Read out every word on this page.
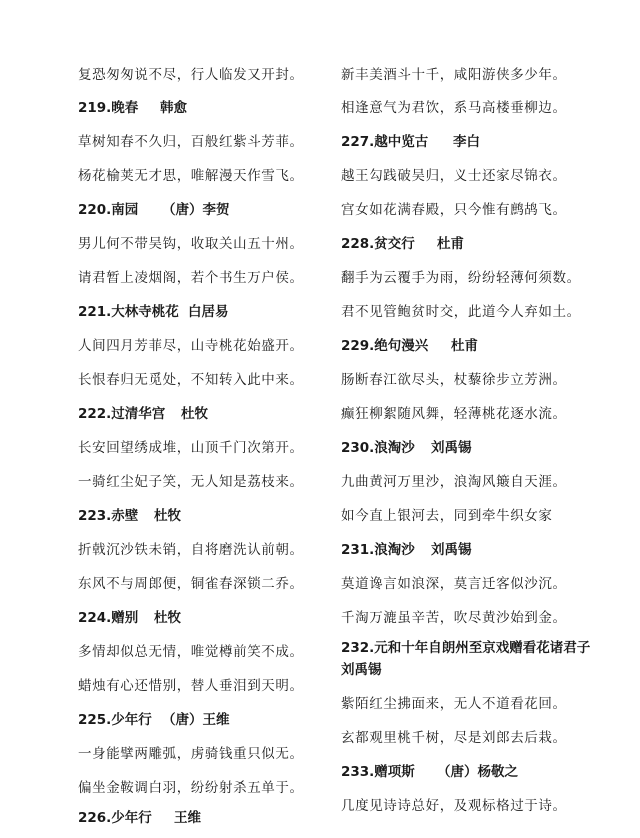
复恐匆匆说不尽，行人临发又开封。
219.晚春 韩愈
草树知春不久归，百般红紫斗芳菲。
杨花榆荚无才思，唯解漫天作雪飞。
220.南园 （唐）李贺
男儿何不带吴钩，收取关山五十州。
请君暂上凌烟阁，若个书生万户侯。
221.大林寺桃花 白居易
人间四月芳菲尽，山寺桃花始盛开。
长恨春归无觅处，不知转入此中来。
222.过清华宫 杜牧
长安回望绣成堆，山顶千门次第开。
一骑红尘妃子笑，无人知是荔枝来。
223.赤壁 杜牧
折戟沉沙铁未销，自将磨洗认前朝。
东风不与周郎便，铜雀春深锁二乔。
224.赠别 杜牧
多情却似总无情，唯觉樽前笑不成。
蜡烛有心还惜别，替人垂泪到天明。
225.少年行 （唐）王维
一身能擘两雕弧，虏骑钱重只似无。
偏坐金鞍调白羽，纷纷射杀五单于。
226.少年行 王维
新丰美酒斗十千，咸阳游侠多少年。
相逢意气为君饮，系马高楼垂柳边。
227.越中览古 李白
越王勾践破吴归，义士还家尽锦衣。
宫女如花满春殿，只今惟有鹧鸪飞。
228.贫交行 杜甫
翻手为云覆手为雨，纷纷轻薄何须数。
君不见管鲍贫时交，此道今人弃如土。
229.绝句漫兴 杜甫
肠断春江欲尽头，杖藜徐步立芳洲。
癫狂柳絮随风舞，轻薄桃花逐水流。
230.浪淘沙 刘禹锡
九曲黄河万里沙，浪淘风簸自天涯。
如今直上银河去，同到牵牛织女家
231.浪淘沙 刘禹锡
莫道谗言如浪深，莫言迁客似沙沉。
千淘万漉虽辛苦，吹尽黄沙始到金。
232.元和十年自朗州至京戏赠看花诸君子
刘禹锡
紫陌红尘拂面来，无人不道看花回。
玄都观里桃千树，尽是刘郎去后栽。
233.赠项斯 （唐）杨敬之
几度见诗诗总好，及观标格过于诗。
